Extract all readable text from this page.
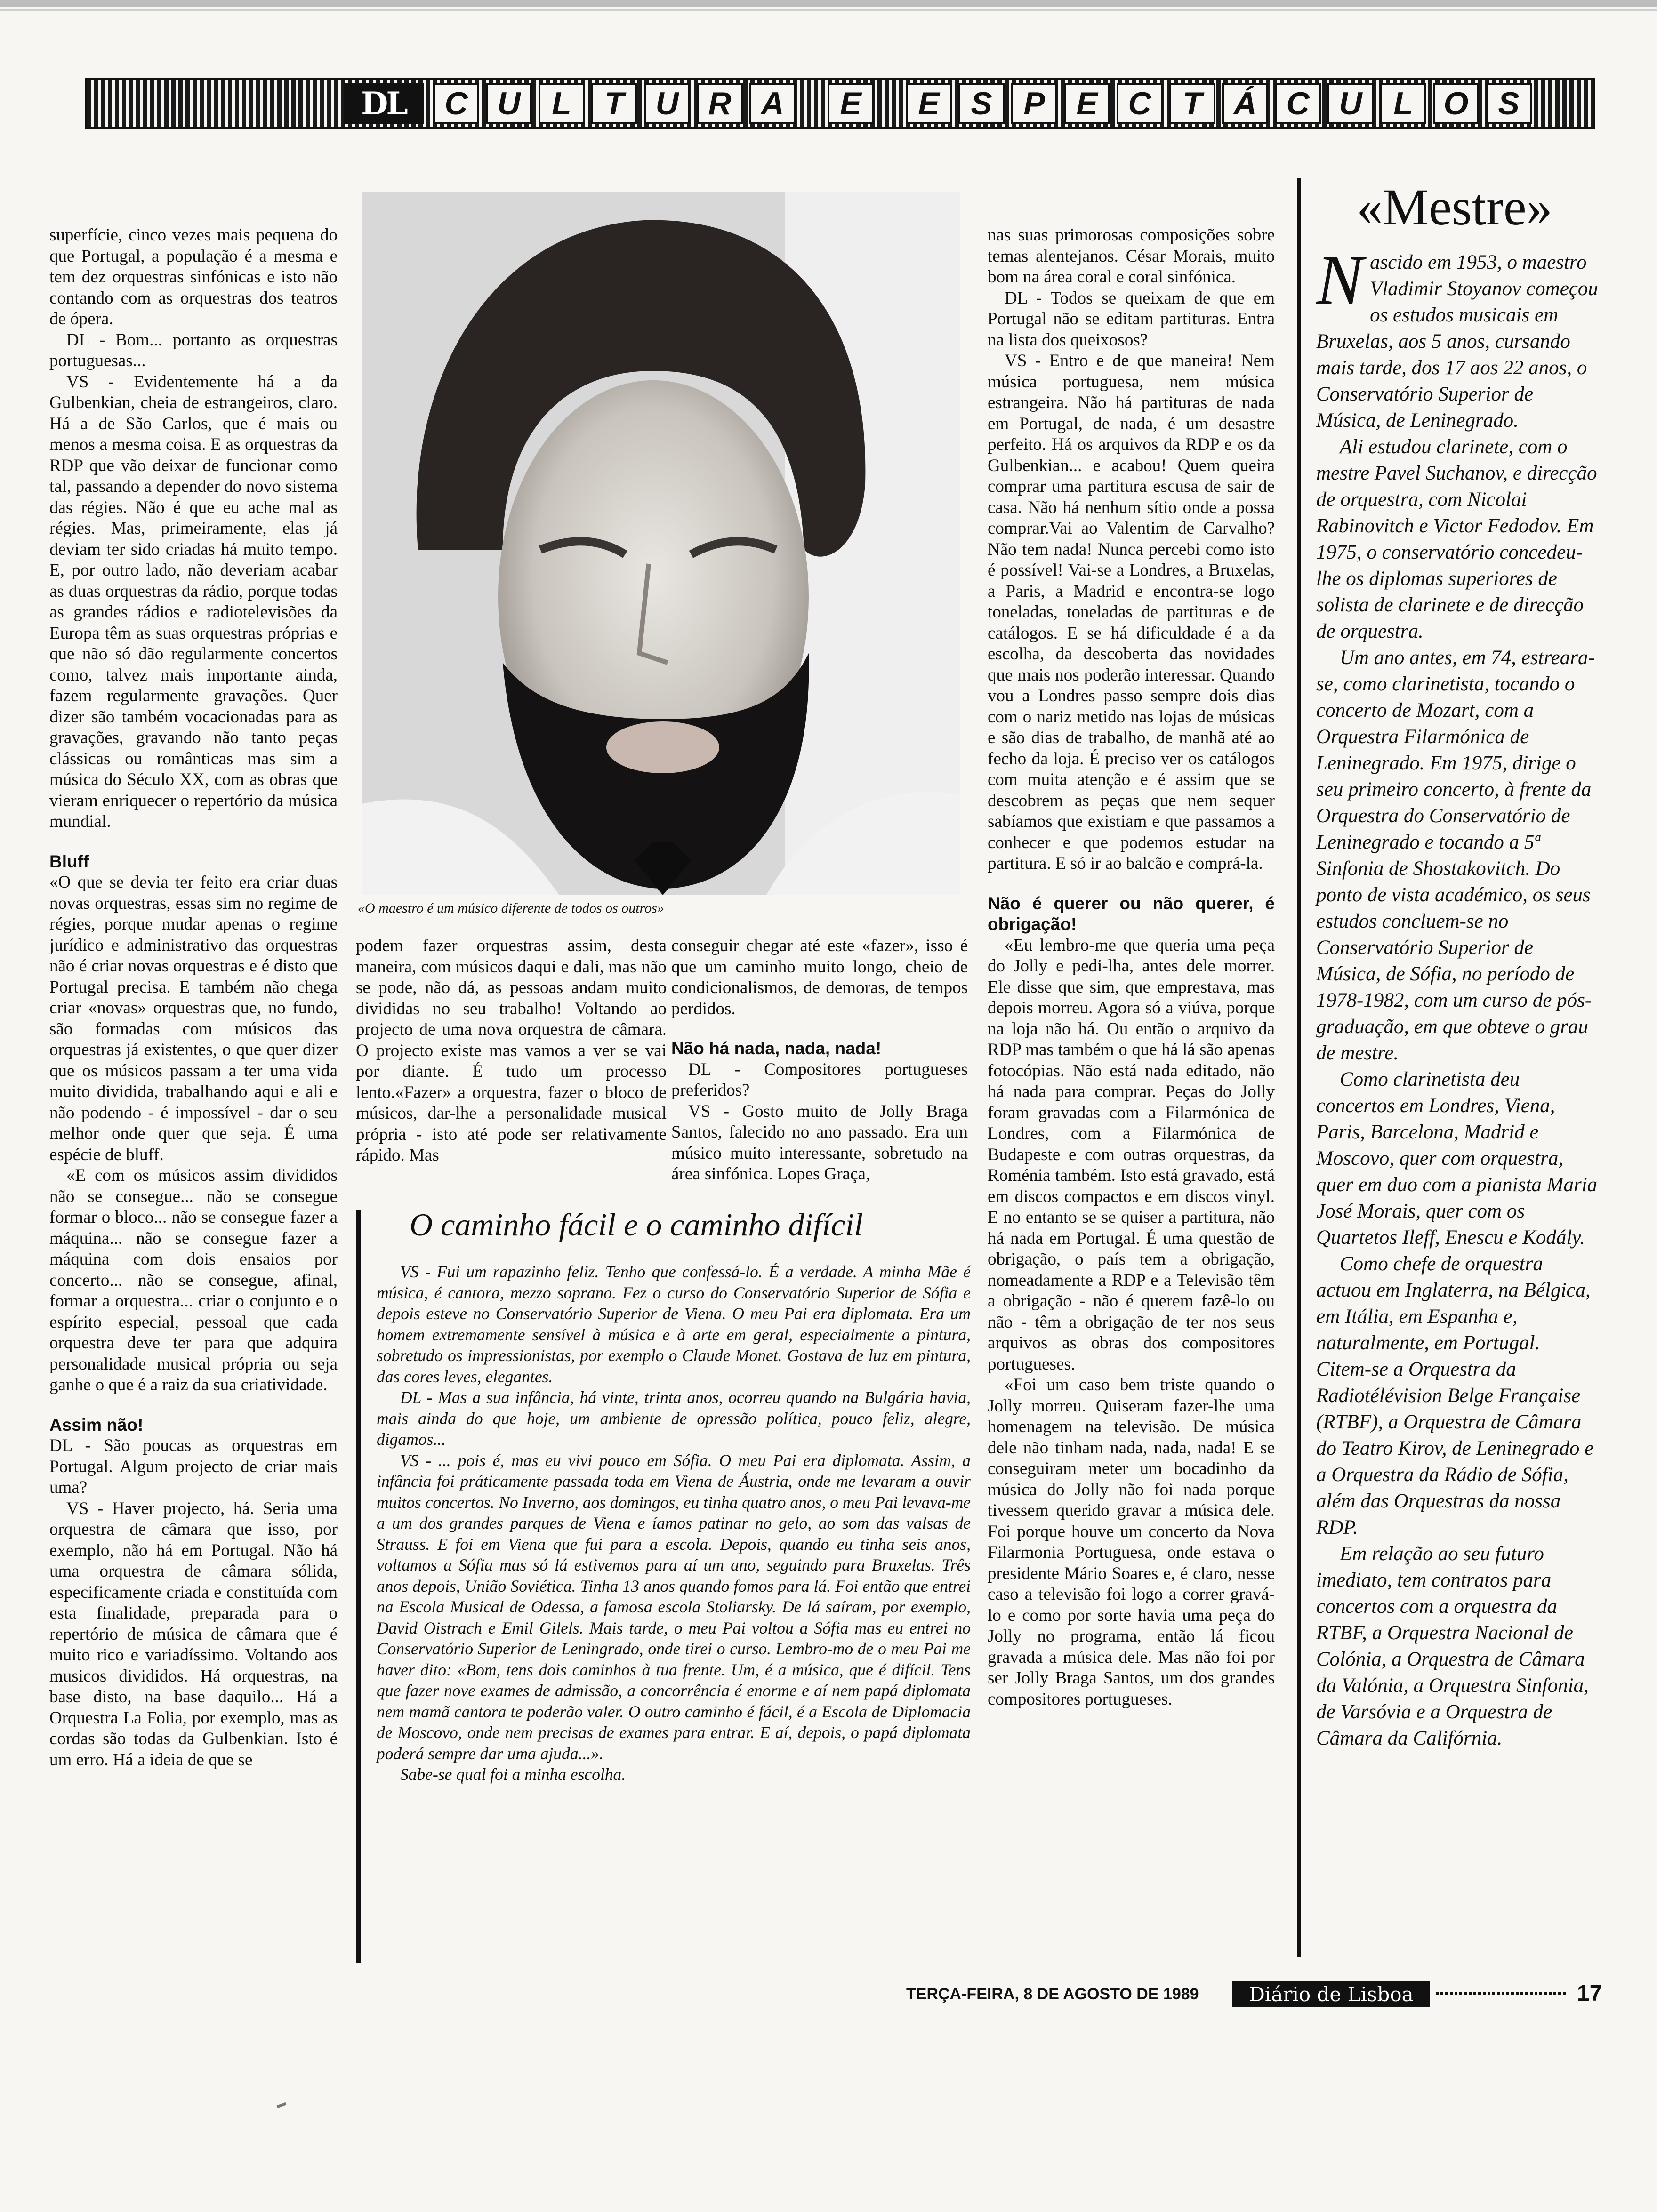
DL	C U L	T U R A	E	E S P E C T Á C U L O S

superfície, cinco vezes mais pequena do que Portugal, a população é a mesma e tem dez orquestras sinfónicas e isto não contando com as orquestras dos teatros de ópera.

DL - Bom... portanto as orquestras portuguesas...

VS - Evidentemente há a da Gulbenkian, cheia de estrangeiros, claro. Há a de São Carlos, que é mais ou menos a mesma coisa. E as orquestras da RDP que vão deixar de funcionar como tal, passando a depender do novo sistema das régies. Não é que eu ache mal as régies. Mas, primeiramente, elas já deviam ter sido criadas há muito tempo. E, por outro lado, não deveriam acabar as duas orquestras da rádio, porque todas as grandes rádios e radiotelevisões da Europa têm as suas orquestras próprias e que não só dão regularmente concertos como, talvez mais importante ainda, fazem regularmente gravações. Quer dizer são também vocacionadas para as gravações, gravando não tanto peças clássicas ou românticas mas sim a música do Século XX, com as obras que vieram enriquecer o repertório da música mundial.

Bluff

«O que se devia ter feito era criar duas novas orquestras, essas sim no regime de régies, porque mudar apenas o regime jurídico e administrativo das orquestras não é criar novas orquestras e é disto que Portugal precisa. E também não chega criar «novas» orquestras que, no fundo, são formadas com músicos das orquestras já existentes, o que quer dizer que os músicos passam a ter uma vida muito dividida, trabalhando aqui e ali e não podendo - é impossível - dar o seu melhor onde quer que seja. É uma espécie de bluff.

«E com os músicos assim divididos não se consegue... não se consegue formar o bloco... não se consegue fazer a máquina... não se consegue fazer a máquina com dois ensaios por concerto... não se consegue, afinal, formar a orquestra... criar o conjunto e o espírito especial, pessoal que cada orquestra deve ter para que adquira personalidade musical própria ou seja ganhe o que é a raiz da sua criatividade.

Assim não!

DL - São poucas as orquestras em Portugal. Algum projecto de criar mais uma?

VS - Haver projecto, há. Seria uma orquestra de câmara que isso, por exemplo, não há em Portugal. Não há uma orquestra de câmara sólida, especificamente criada e constituída com esta finalidade, preparada para o repertório de música de câmara que é muito rico e variadíssimo. Voltando aos musicos divididos. Há orquestras, na base disto, na base daquilo... Há a Orquestra La Folia, por exemplo, mas as cordas são todas da Gulbenkian. Isto é um erro. Há a ideia de que se

«O maestro é um músico diferente de todos os outros»

podem fazer orquestras assim, desta maneira, com músicos daqui e dali, mas não se pode, não dá, as pessoas andam muito divididas no seu trabalho! Voltando ao projecto de uma nova orquestra de câmara. O projecto existe mas vamos a ver se vai por diante. É tudo um processo lento.«Fazer» a orquestra, fazer o bloco de músicos, dar-lhe a personalidade musical própria - isto até pode ser relativamente rápido. Mas

conseguir chegar até este «fazer», isso é que um caminho muito longo, cheio de condicionalismos, de demoras, de tempos perdidos.

Não há nada, nada, nada!

DL - Compositores portugueses preferidos?

VS - Gosto muito de Jolly Braga Santos, falecido no ano passado. Era um músico muito interessante, sobretudo na área sinfónica. Lopes Graça,

nas suas primorosas composições sobre temas alentejanos. César Morais, muito bom na área coral e coral sinfónica.

DL - Todos se queixam de que em Portugal não se editam partituras. Entra na lista dos queixosos?

VS - Entro e de que maneira! Nem música portuguesa, nem música estrangeira. Não há partituras de nada em Portugal, de nada, é um desastre perfeito. Há os arquivos da RDP e os da Gulbenkian... e acabou! Quem queira comprar uma partitura escusa de sair de casa. Não há nenhum sítio onde a possa comprar.Vai ao Valentim de Carvalho? Não tem nada! Nunca percebi como isto é possível! Vai-se a Londres, a Bruxelas, a Paris, a Madrid e encontra-se logo toneladas, toneladas de partituras e de catálogos. E se há dificuldade é a da escolha, da descoberta das novidades que mais nos poderão interessar. Quando vou a Londres passo sempre dois dias com o nariz metido nas lojas de músicas e são dias de trabalho, de manhã até ao fecho da loja. É preciso ver os catálogos com muita atenção e é assim que se descobrem as peças que nem sequer sabíamos que existiam e que passamos a conhecer e que podemos estudar na partitura. E só ir ao balcão e comprá-la.

Não é querer ou não querer, é obrigação!

«Eu lembro-me que queria uma peça do Jolly e pedi-lha, antes dele morrer. Ele disse que sim, que emprestava, mas depois morreu. Agora só a viúva, porque na loja não há. Ou então o arquivo da RDP mas também o que há lá são apenas fotocópias. Não está nada editado, não há nada para comprar. Peças do Jolly foram gravadas com a Filarmónica de Londres, com a Filarmónica de Budapeste e com outras orquestras, da Roménia também. Isto está gravado, está em discos compactos e em discos vinyl. E no entanto se se quiser a partitura, não há nada em Portugal. É uma questão de obrigação, o país tem a obrigação, nomeadamente a RDP e a Televisão têm a obrigação - não é querem fazê-lo ou não - têm a obrigação de ter nos seus arquivos as obras dos compositores portugueses.

«Foi um caso bem triste quando o Jolly morreu. Quiseram fazer-lhe uma homenagem na televisão. De música dele não tinham nada, nada, nada! E se conseguiram meter um bocadinho da música do Jolly não foi nada porque tivessem querido gravar a música dele. Foi porque houve um concerto da Nova Filarmonia Portuguesa, onde estava o presidente Mário Soares e, é claro, nesse caso a televisão foi logo a correr gravá-lo e como por sorte havia uma peça do Jolly no programa, então lá ficou gravada a música dele. Mas não foi por ser Jolly Braga Santos, um dos grandes compositores portugueses.

O caminho fácil e o caminho difícil

VS - Fui um rapazinho feliz. Tenho que confessá-lo. É a verdade. A minha Mãe é música, é cantora, mezzo soprano. Fez o curso do Conservatório Superior de Sófia e depois esteve no Conservatório Superior de Viena. O meu Pai era diplomata. Era um homem extremamente sensível à música e à arte em geral, especialmente a pintura, sobretudo os impressionistas, por exemplo o Claude Monet. Gostava de luz em pintura, das cores leves, elegantes.

DL - Mas a sua infância, há vinte, trinta anos, ocorreu quando na Bulgária havia, mais ainda do que hoje, um ambiente de opressão política, pouco feliz, alegre, digamos...

VS - ... pois é, mas eu vivi pouco em Sófia. O meu Pai era diplomata. Assim, a infância foi práticamente passada toda em Viena de Áustria, onde me levaram a ouvir muitos concertos. No Inverno, aos domingos, eu tinha quatro anos, o meu Pai levava-me a um dos grandes parques de Viena e íamos patinar no gelo, ao som das valsas de Strauss. E foi em Viena que fui para a escola. Depois, quando eu tinha seis anos, voltamos a Sófia mas só lá estivemos para aí um ano, seguindo para Bruxelas. Três anos depois, União Soviética. Tinha 13 anos quando fomos para lá. Foi então que entrei na Escola Musical de Odessa, a famosa escola Stoliarsky. De lá saíram, por exemplo, David Oistrach e Emil Gilels. Mais tarde, o meu Pai voltou a Sófia mas eu entrei no Conservatório Superior de Leningrado, onde tirei o curso. Lembro-mo de o meu Pai me haver dito: «Bom, tens dois caminhos à tua frente. Um, é a música, que é difícil. Tens que fazer nove exames de admissão, a concorrência é enorme e aí nem papá diplomata nem mamã cantora te poderão valer. O outro caminho é fácil, é a Escola de Diplomacia de Moscovo, onde nem precisas de exames para entrar. E aí, depois, o papá diplomata poderá sempre dar uma ajuda...».

Sabe-se qual foi a minha escolha.

«Mestre»

Nascido em 1953, o maestro Vladimir Stoyanov começou os estudos musicais em Bruxelas, aos 5 anos, cursando mais tarde, dos 17 aos 22 anos, o Conservatório Superior de Música, de Leninegrado.

Ali estudou clarinete, com o mestre Pavel Suchanov, e direcção de orquestra, com Nicolai Rabinovitch e Victor Fedodov. Em 1975, o conservatório concedeu-lhe os diplomas superiores de solista de clarinete e de direcção de orquestra.

Um ano antes, em 74, estreara-se, como clarinetista, tocando o concerto de Mozart, com a Orquestra Filarmónica de Leninegrado. Em 1975, dirige o seu primeiro concerto, à frente da Orquestra do Conservatório de Leninegrado e tocando a 5ª Sinfonia de Shostakovitch. Do ponto de vista académico, os seus estudos concluem-se no Conservatório Superior de Música, de Sófia, no período de 1978-1982, com um curso de pós-graduação, em que obteve o grau de mestre.

Como clarinetista deu concertos em Londres, Viena, Paris, Barcelona, Madrid e Moscovo, quer com orquestra, quer em duo com a pianista Maria José Morais, quer com os Quartetos Ileff, Enescu e Kodály.

Como chefe de orquestra actuou em Inglaterra, na Bélgica, em Itália, em Espanha e, naturalmente, em Portugal. Citem-se a Orquestra da Radiotélévision Belge Française (RTBF), a Orquestra de Câmara do Teatro Kirov, de Leninegrado e a Orquestra da Rádio de Sófia, além das Orquestras da nossa RDP.

Em relação ao seu futuro imediato, tem contratos para concertos com a orquestra da RTBF, a Orquestra Nacional de Colónia, a Orquestra de Câmara da Valónia, a Orquestra Sinfonia, de Varsóvia e a Orquestra de Câmara da Califórnia.

TERÇA-FEIRA, 8 DE AGOSTO DE 1989	Diário de Lisboa	17
